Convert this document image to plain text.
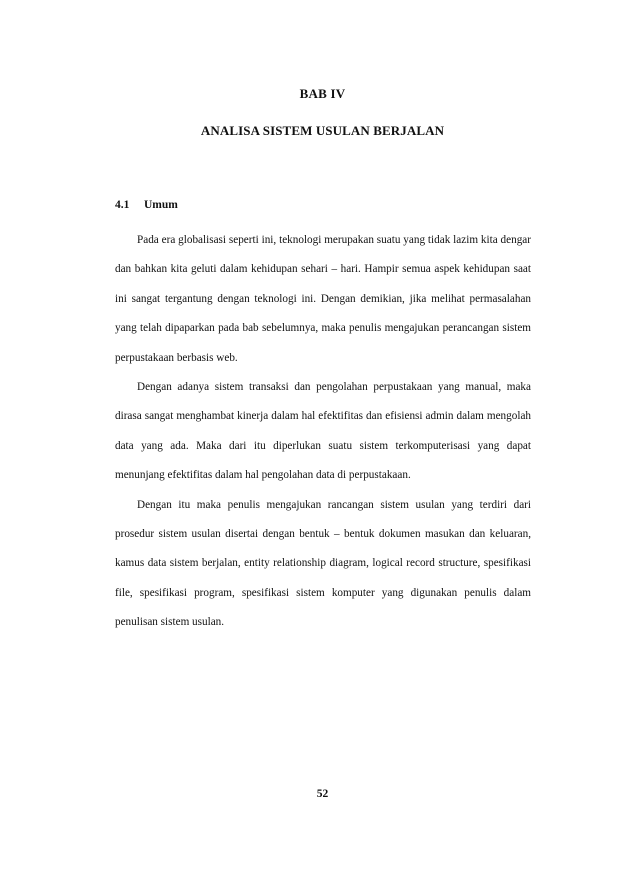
BAB IV
ANALISA SISTEM USULAN BERJALAN
4.1 Umum

Pada era globalisasi seperti ini, teknologi merupakan suatu yang tidak lazim kita dengar dan bahkan kita geluti dalam kehidupan sehari – hari. Hampir semua aspek kehidupan saat ini sangat tergantung dengan teknologi ini. Dengan demikian, jika melihat permasalahan yang telah dipaparkan pada bab sebelumnya, maka penulis mengajukan perancangan sistem perpustakaan berbasis web.

Dengan adanya sistem transaksi dan pengolahan perpustakaan yang manual, maka dirasa sangat menghambat kinerja dalam hal efektifitas dan efisiensi admin dalam mengolah data yang ada. Maka dari itu diperlukan suatu sistem terkomputerisasi yang dapat menunjang efektifitas dalam hal pengolahan data di perpustakaan.

Dengan itu maka penulis mengajukan rancangan sistem usulan yang terdiri dari prosedur sistem usulan disertai dengan bentuk – bentuk dokumen masukan dan keluaran, kamus data sistem berjalan, entity relationship diagram, logical record structure, spesifikasi file, spesifikasi program, spesifikasi sistem komputer yang digunakan penulis dalam penulisan sistem usulan.

52
